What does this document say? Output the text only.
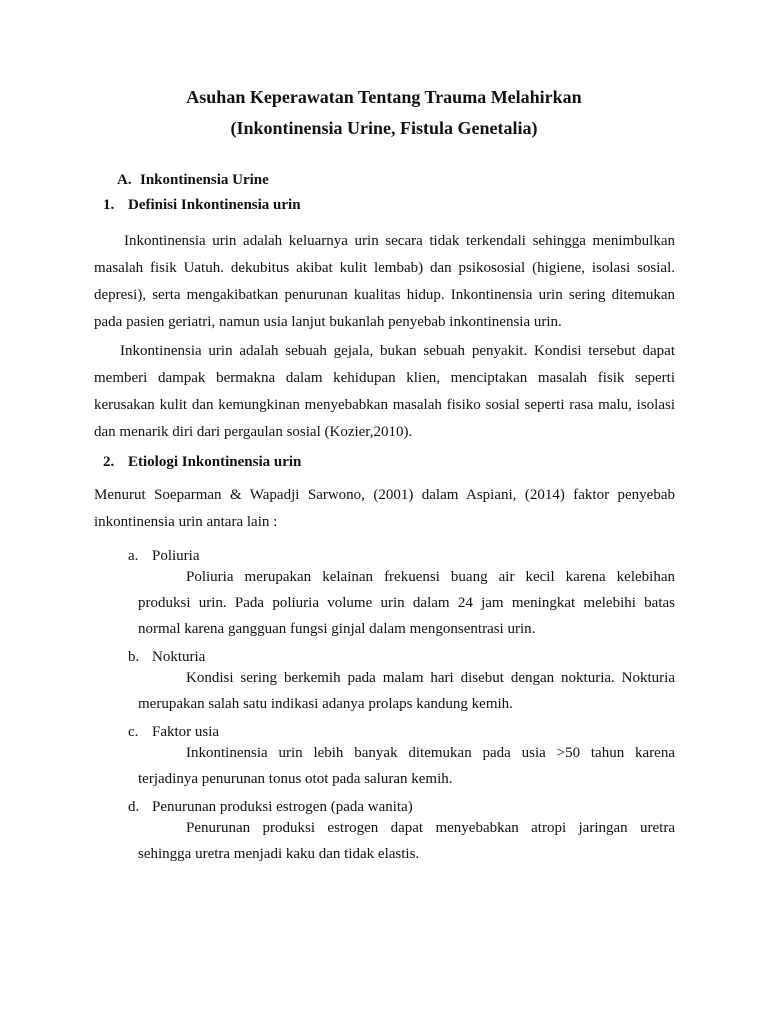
Asuhan Keperawatan Tentang Trauma Melahirkan
(Inkontinensia Urine, Fistula Genetalia)
A. Inkontinensia Urine
1. Definisi Inkontinensia urin
Inkontinensia urin adalah keluarnya urin secara tidak terkendali sehingga menimbulkan
masalah fisik Uatuh. dekubitus akibat kulit lembab) dan psikososial (higiene, isolasi sosial.
depresi), serta mengakibatkan penurunan kualitas hidup. Inkontinensia urin sering ditemukan
pada pasien geriatri, namun usia lanjut bukanlah penyebab inkontinensia urin.
Inkontinensia urin adalah sebuah gejala, bukan sebuah penyakit. Kondisi tersebut dapat
memberi dampak bermakna dalam kehidupan klien, menciptakan masalah fisik seperti
kerusakan kulit dan kemungkinan menyebabkan masalah fisiko sosial seperti rasa malu, isolasi
dan menarik diri dari pergaulan sosial (Kozier,2010).
2. Etiologi Inkontinensia urin
Menurut Soeparman & Wapadji Sarwono, (2001) dalam Aspiani, (2014) faktor penyebab
inkontinensia urin antara lain :
a. Poliuria
Poliuria merupakan kelainan frekuensi buang air kecil karena kelebihan
produksi urin. Pada poliuria volume urin dalam 24 jam meningkat melebihi batas
normal karena gangguan fungsi ginjal dalam mengonsentrasi urin.
b. Nokturia
Kondisi sering berkemih pada malam hari disebut dengan nokturia. Nokturia
merupakan salah satu indikasi adanya prolaps kandung kemih.
c. Faktor usia
Inkontinensia urin lebih banyak ditemukan pada usia >50 tahun karena
terjadinya penurunan tonus otot pada saluran kemih.
d. Penurunan produksi estrogen (pada wanita)
Penurunan produksi estrogen dapat menyebabkan atropi jaringan uretra
sehingga uretra menjadi kaku dan tidak elastis.
